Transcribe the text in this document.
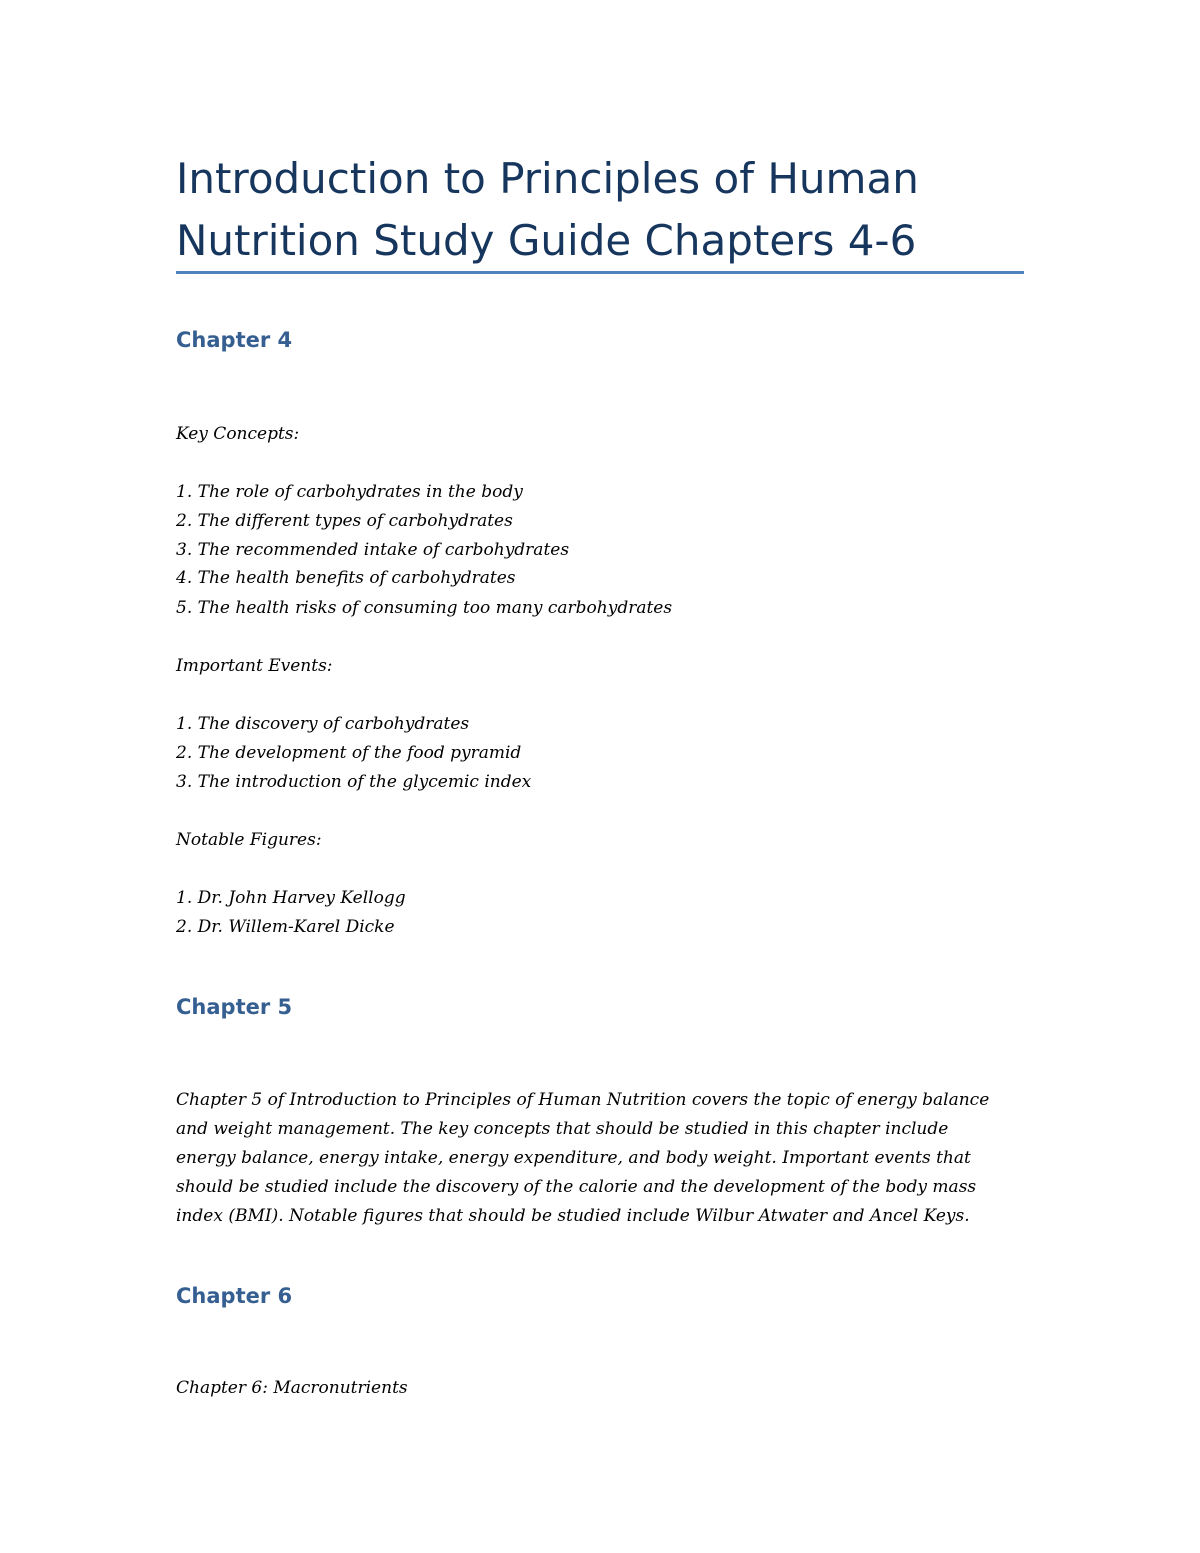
Introduction to Principles of Human
Nutrition Study Guide Chapters 4-6
Chapter 4

Key Concepts:

1. The role of carbohydrates in the body

2. The different types of carbohydrates

3. The recommended intake of carbohydrates

4. The health benefits of carbohydrates

5. The health risks of consuming too many carbohydrates

Important Events:

1. The discovery of carbohydrates

2. The development of the food pyramid

3. The introduction of the glycemic index

Notable Figures:

1. Dr. John Harvey Kellogg

2. Dr. Willem-Karel Dicke

Chapter 5

Chapter 5 of Introduction to Principles of Human Nutrition covers the topic of energy balance
and weight management. The key concepts that should be studied in this chapter include
energy balance, energy intake, energy expenditure, and body weight. Important events that
should be studied include the discovery of the calorie and the development of the body mass
index (BMI). Notable figures that should be studied include Wilbur Atwater and Ancel Keys.

Chapter 6

Chapter 6: Macronutrients
